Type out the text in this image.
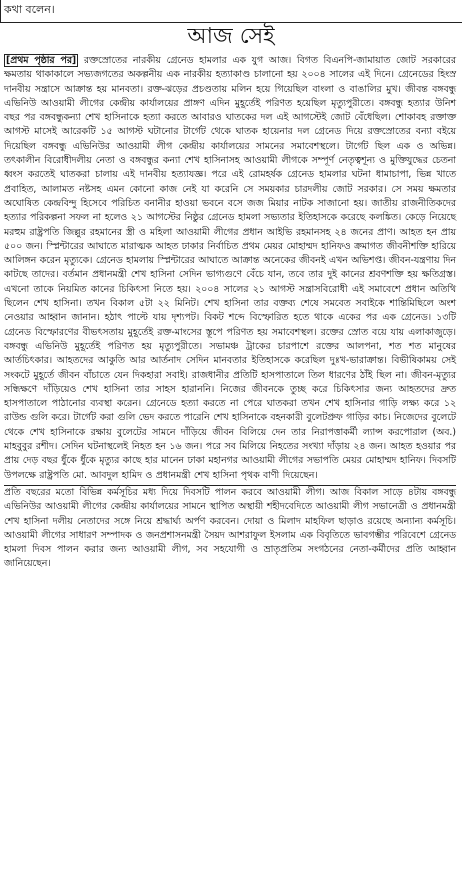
কথা বলেন।
আজ সেই

[প্রথম পৃষ্ঠার পর] রক্তস্রোতের নারকীয় গ্রেনেড হামলার এক যুগ আজ। বিগত বিএনপি-জামায়াত জোট সরকারের ক্ষমতায় থাকাকালে সভ্যজগতের অকল্পনীয় এক নারকীয় হত্যাকাণ্ড চালানো হয় ২০০৪ সালের এই দিনে। গ্রেনেডের হিংস্র দানবীয় সন্ত্রাসে আক্রান্ত হয় মানবতা। রক্ত-ঝড়ের প্রচণ্ডতায় মলিন হয়ে গিয়েছিল বাংলা ও বাঙালির মুখ। জীবন্ত বঙ্গবন্ধু এভিনিউ আওয়ামী লীগের কেন্দ্রীয় কার্যালয়ের প্রাঙ্গণ এদিন মুহূর্তেই পরিণত হয়েছিল মৃত্যুপুরীতে। বঙ্গবন্ধু হত্যার উনিশ বছর পর বঙ্গবন্ধুকন্যা শেখ হাসিনাকে হত্যা করতে আবারও ঘাতকের দল এই আগস্টেই জোট বেঁধেছিল। শোকাবহ রক্তাক্ত আগস্ট মাসেই আরেকটি ১৫ আগস্ট ঘটানোর টার্গেট থেকে ঘাতক হায়েনার দল গ্রেনেড দিয়ে রক্তস্রোতের বন্যা বইয়ে দিয়েছিল বঙ্গবন্ধু এভিনিউর আওয়ামী লীগ কেন্দ্রীয় কার্যালয়ের সামনের সমাবেশস্থলে। টার্গেট ছিল এক ও অভিন্ন। তৎকালীন বিরোধীদলীয় নেতা ও বঙ্গবন্ধুর কন্যা শেখ হাসিনাসহ আওয়ামী লীগকে সম্পূর্ণ নেতৃত্বশূন্য ও মুক্তিযুদ্ধের চেতনা ধ্বংস করতেই ঘাতকরা চালায় এই দানবীয় হত্যাযজ্ঞ। পরে এই রোমহর্ষক গ্রেনেড হামলার ঘটনা ধামাচাপা, ভিন্ন খাতে প্রবাহিত, আলামত নষ্টসহ এমন কোনো কাজ নেই যা করেনি সে সময়কার চারদলীয় জোট সরকার। সে সময় ক্ষমতার অঘোষিত কেন্দ্রবিন্দু হিসেবে পরিচিত বনানীর হাওয়া ভবনে বসে জজ মিয়ার নাটক সাজানো হয়। জাতীয় রাজনীতিকদের হত্যার পরিকল্পনা সফল না হলেও ২১ আগস্টের নিষ্ঠুর গ্রেনেড হামলা সভ্যতার ইতিহাসকে করেছে কলঙ্কিত। কেড়ে নিয়েছে মরহুম রাষ্ট্রপতি জিল্লুর রহমানের স্ত্রী ও মহিলা আওয়ামী লীগের প্রধান আইভি রহমানসহ ২৪ জনের প্রাণ। আহত হন প্রায় ৫০০ জন। স্প্লিন্টারের আঘাতে মারাত্মক আহত ঢাকার নির্বাচিত প্রথম মেয়র মোহাম্মদ হানিফও ক্রমাগত জীবনীশক্তি হারিয়ে আলিঙ্গন করেন মৃত্যুকে। গ্রেনেড হামলায় স্প্লিন্টারের আঘাতে আক্রান্ত অনেকের জীবনই এখন অভিশপ্ত। জীবন-যন্ত্রণায় দিন কাটছে তাদের। বর্তমান প্রধানমন্ত্রী শেখ হাসিনা সেদিন ভাগ্যগুণে বেঁচে যান, তবে তার দুই কানের শ্রবণশক্তি হয় ক্ষতিগ্রস্ত। এখনো তাকে নিয়মিত কানের চিকিৎসা নিতে হয়। ২০০৪ সালের ২১ আগস্ট সন্ত্রাসবিরোধী এই সমাবেশে প্রধান অতিথি ছিলেন শেখ হাসিনা। তখন বিকাল ৫টা ২২ মিনিট। শেখ হাসিনা তার বক্তব্য শেষে সমবেত সবাইকে শান্তিমিছিলে অংশ নেওয়ার আহ্বান জানান। হঠাৎ পাল্টে যায় দৃশ্যপট। বিকট শব্দে বিস্ফোরিত হতে থাকে একের পর এক গ্রেনেড। ১৩টি গ্রেনেড বিস্ফোরণের বীভৎসতায় মুহূর্তেই রক্ত-মাংসের স্তূপে পরিণত হয় সমাবেশস্থল। রক্তের স্রোত বয়ে যায় এলাকাজুড়ে। বঙ্গবন্ধু এভিনিউ মুহূর্তেই পরিণত হয় মৃত্যুপুরীতে। সভামঞ্চ ট্রাকের চারপাশে রক্তের আলপনা, শত শত মানুষের আর্তচিৎকার। আহতদের আকুতি আর আর্তনাদ সেদিন মানবতার ইতিহাসকে করেছিল দুঃখ-ভারাক্রান্ত। বিভীষিকাময় সেই সংকটে মুহূর্তে জীবন বাঁচাতে যেন দিকহারা সবাই। রাজধানীর প্রতিটি হাসপাতালে তিল ধারণের ঠাঁই ছিল না। জীবন-মৃত্যুর সন্ধিক্ষণে দাঁড়িয়েও শেখ হাসিনা তার সাহস হারাননি। নিজের জীবনকে তুচ্ছ করে চিকিৎসার জন্য আহতদের দ্রুত হাসপাতালে পাঠানোর ব্যবস্থা করেন। গ্রেনেডে হত্যা করতে না পেরে ঘাতকরা তখন শেখ হাসিনার গাড়ি লক্ষ্য করে ১২ রাউন্ড গুলি করে। টার্গেট করা গুলি ভেদ করতে পারেনি শেখ হাসিনাকে বহনকারী বুলেটপ্রুফ গাড়ির কাচ। নিজেদের বুলেটে থেকে শেখ হাসিনাকে রক্ষায় বুলেটের সামনে দাঁড়িয়ে জীবন বিলিয়ে দেন তার নিরাপত্তাকর্মী ল্যান্স করপোরাল (অব.) মাহবুবুর রশীদ। সেদিন ঘটনাস্থলেই নিহত হন ১৬ জন। পরে সব মিলিয়ে নিহতের সংখ্যা দাঁড়ায় ২৪ জন। আহত হওয়ার পর প্রায় দেড় বছর ধুঁকে ধুঁকে মৃত্যুর কাছে হার মানেন ঢাকা মহানগর আওয়ামী লীগের সভাপতি মেয়র মোহাম্মদ হানিফ। দিবসটি উপলক্ষে রাষ্ট্রপতি মো. আবদুল হামিদ ও প্রধানমন্ত্রী শেখ হাসিনা পৃথক বাণী দিয়েছেন।

প্রতি বছরের মতো বিভিন্ন কর্মসূচির মধ্য দিয়ে দিবসটি পালন করবে আওয়ামী লীগ। আজ বিকাল সাড়ে ৪টায় বঙ্গবন্ধু এভিনিউর আওয়ামী লীগের কেন্দ্রীয় কার্যালয়ের সামনে স্থাপিত অস্থায়ী শহীদবেদিতে আওয়ামী লীগ সভানেত্রী ও প্রধানমন্ত্রী শেখ হাসিনা দলীয় নেতাদের সঙ্গে নিয়ে শ্রদ্ধার্ঘ্য অর্পণ করবেন। দোয়া ও মিলাদ মাহফিল ছাড়াও রয়েছে অন্যান্য কর্মসূচি। আওয়ামী লীগের সাধারণ সম্পাদক ও জনপ্রশাসনমন্ত্রী সৈয়দ আশরাফুল ইসলাম এক বিবৃতিতে ভাবগম্ভীর পরিবেশে গ্রেনেড হামলা দিবস পালন করার জন্য আওয়ামী লীগ, সব সহযোগী ও ভ্রাতৃপ্রতিম সংগঠনের নেতা-কর্মীদের প্রতি আহ্বান জানিয়েছেন।
